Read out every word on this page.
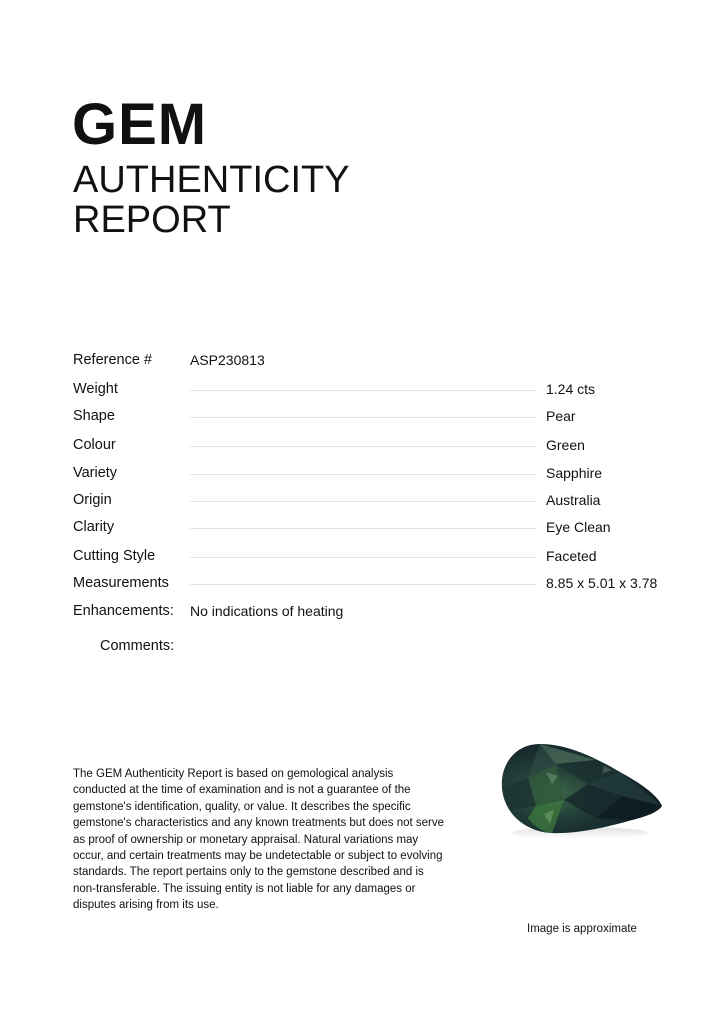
GEM
AUTHENTICITY
REPORT
Reference #	ASP230813
Weight	1.24 cts
Shape	Pear
Colour	Green
Variety	Sapphire
Origin	Australia
Clarity	Eye Clean
Cutting Style	Faceted
Measurements	8.85 x 5.01 x 3.78
Enhancements: No indications of heating
Comments:

The GEM Authenticity Report is based on gemological analysis conducted at the time of examination and is not a guarantee of the gemstone's identification, quality, or value. It describes the specific gemstone's characteristics and any known treatments but does not serve as proof of ownership or monetary appraisal. Natural variations may occur, and certain treatments may be undetectable or subject to evolving standards. The report pertains only to the gemstone described and is non-transferable. The issuing entity is not liable for any damages or disputes arising from its use.

Image is approximate
